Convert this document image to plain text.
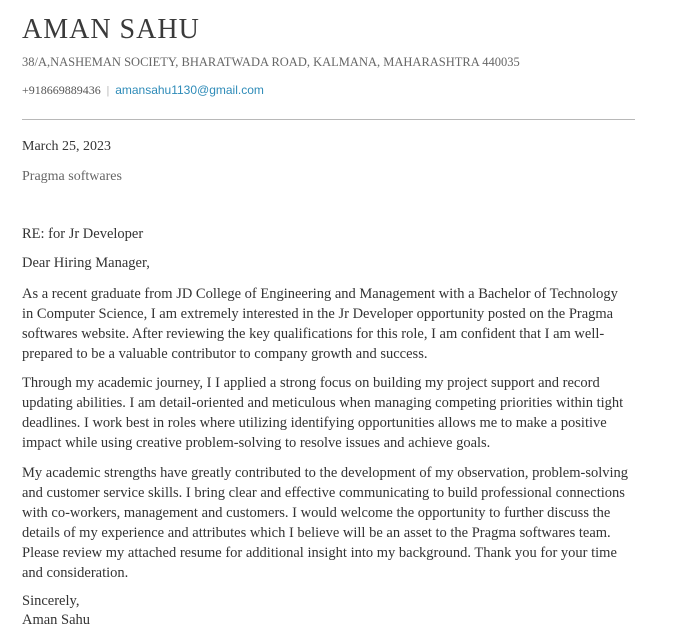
AMAN SAHU
38/A,NASHEMAN SOCIETY, BHARATWADA ROAD, KALMANA, MAHARASHTRA 440035
+918669889436 | amansahu1130@gmail.com
March 25, 2023
Pragma softwares
RE: for Jr Developer
Dear Hiring Manager,
As a recent graduate from JD College of Engineering and Management with a Bachelor of Technology in Computer Science, I am extremely interested in the Jr Developer opportunity posted on the Pragma softwares website. After reviewing the key qualifications for this role, I am confident that I am well-prepared to be a valuable contributor to company growth and success.
Through my academic journey, I I applied a strong focus on building my project support and record updating abilities. I am detail-oriented and meticulous when managing competing priorities within tight deadlines. I work best in roles where utilizing identifying opportunities allows me to make a positive impact while using creative problem-solving to resolve issues and achieve goals.
My academic strengths have greatly contributed to the development of my observation, problem-solving and customer service skills. I bring clear and effective communicating to build professional connections with co-workers, management and customers. I would welcome the opportunity to further discuss the details of my experience and attributes which I believe will be an asset to the Pragma softwares team. Please review my attached resume for additional insight into my background. Thank you for your time and consideration.
Sincerely,
Aman Sahu
